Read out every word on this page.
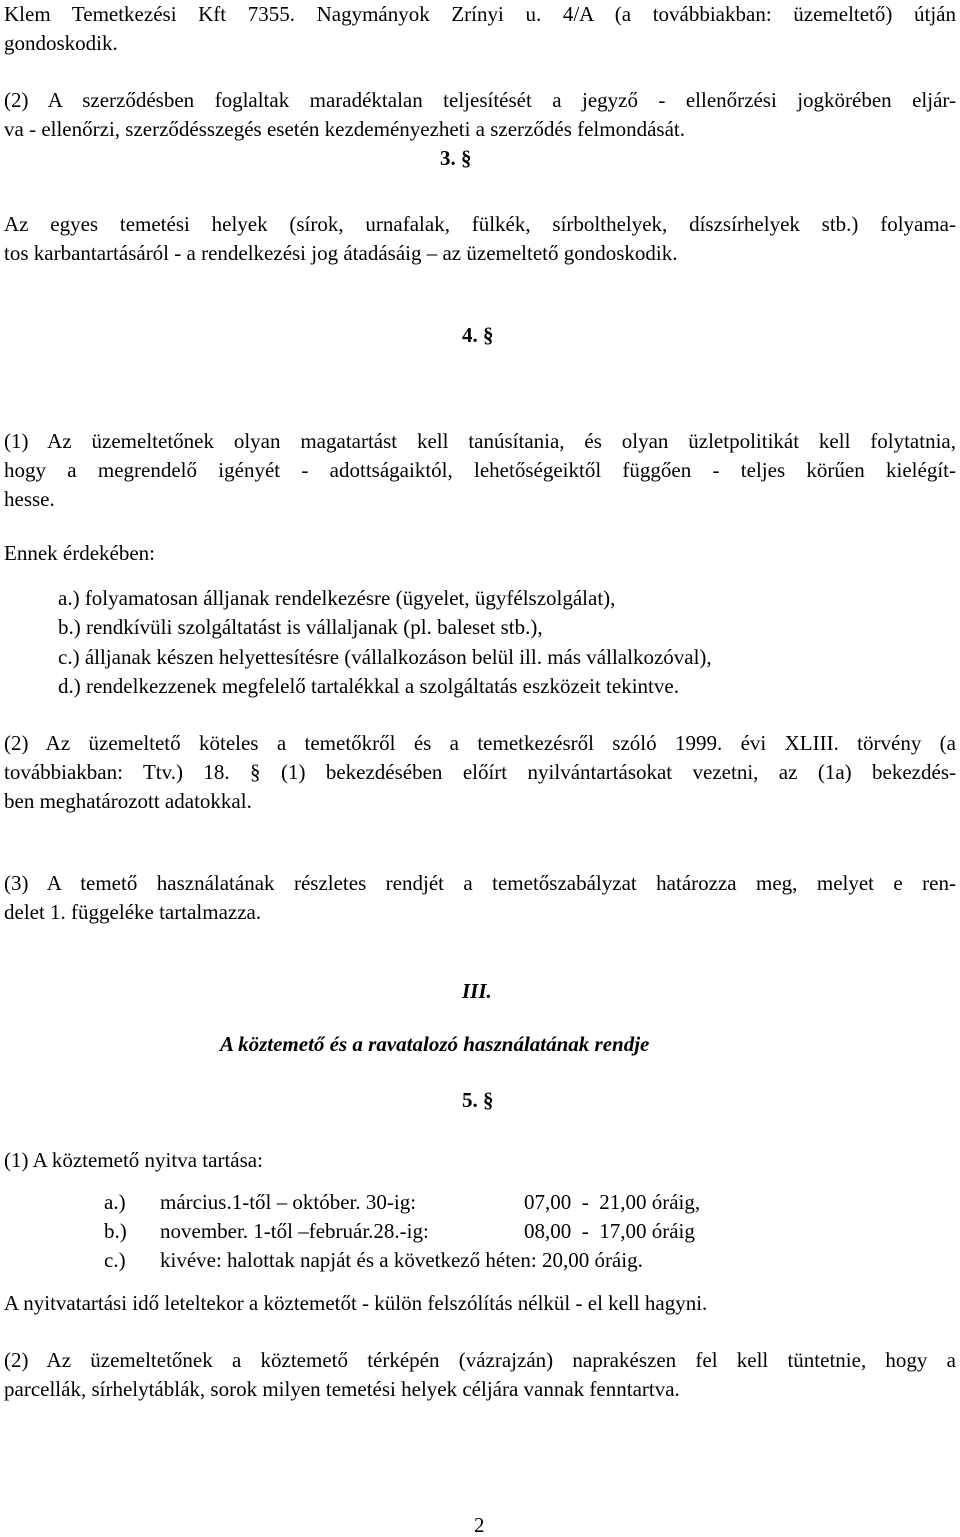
Klem Temetkezési Kft 7355. Nagymányok Zrínyi u. 4/A (a továbbiakban: üzemeltető) útján
gondoskodik.
(2) A szerződésben foglaltak maradéktalan teljesítését a jegyző - ellenőrzési jogkörében eljár-
va - ellenőrzi, szerződésszegés esetén kezdeményezheti a szerződés felmondását.
3. §
Az egyes temetési helyek (sírok, urnafalak, fülkék, sírbolthelyek, díszsírhelyek stb.) folyama-
tos karbantartásáról - a rendelkezési jog átadásáig – az üzemeltető gondoskodik.
4. §
(1) Az üzemeltetőnek olyan magatartást kell tanúsítania, és olyan üzletpolitikát kell folytatnia,
hogy a megrendelő igényét - adottságaiktól, lehetőségeiktől függően - teljes körűen kielégít-
hesse.
Ennek érdekében:
a.) folyamatosan álljanak rendelkezésre (ügyelet, ügyfélszolgálat),
b.) rendkívüli szolgáltatást is vállaljanak (pl. baleset stb.),
c.) álljanak készen helyettesítésre (vállalkozáson belül ill. más vállalkozóval),
d.) rendelkezzenek megfelelő tartalékkal a szolgáltatás eszközeit tekintve.
(2) Az üzemeltető köteles a temetőkről és a temetkezésről szóló 1999. évi XLIII. törvény (a
továbbiakban: Ttv.) 18. § (1) bekezdésében előírt nyilvántartásokat vezetni, az (1a) bekezdés-
ben meghatározott adatokkal.
(3) A temető használatának részletes rendjét a temetőszabályzat határozza meg, melyet e ren-
delet 1. függeléke tartalmazza.
III.
A köztemető és a ravatalozó használatának rendje
5. §
(1) A köztemető nyitva tartása:
a.) március.1-től – október. 30-ig:	07,00  -  21,00 óráig,
b.) november. 1-től –február.28.-ig:	08,00  -  17,00 óráig
c.) kivéve: halottak napját és a következő héten: 20,00 óráig.
A nyitvatartási idő leteltekor a köztemetőt - külön felszólítás nélkül - el kell hagyni.
(2) Az üzemeltetőnek a köztemető térképén (vázrajzán) naprakészen fel kell tüntetnie, hogy a
parcellák, sírhelytáblák, sorok milyen temetési helyek céljára vannak fenntartva.
2
